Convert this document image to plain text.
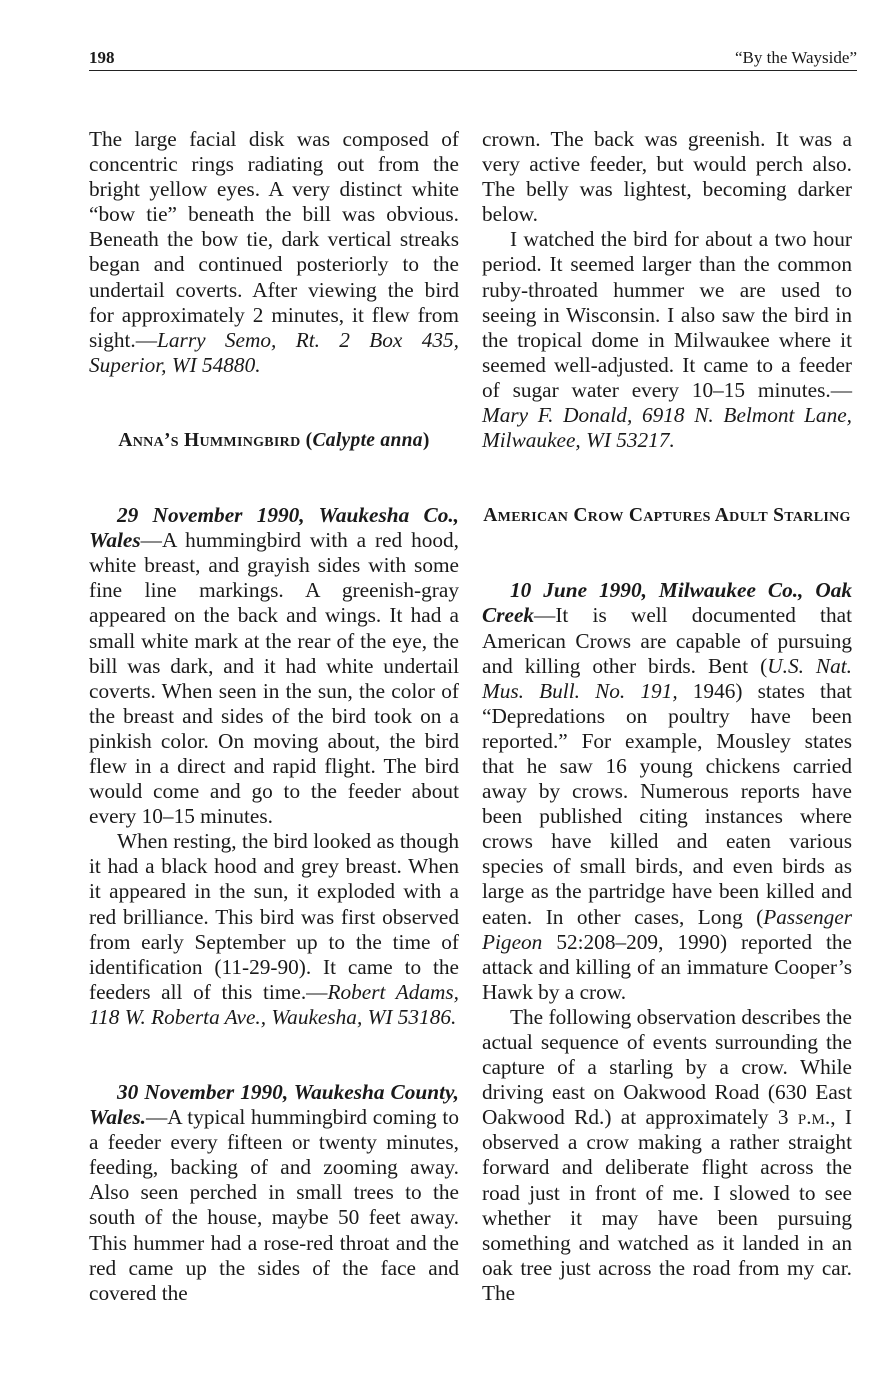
198	“By the Wayside”

The large facial disk was composed of concentric rings radiating out from the bright yellow eyes. A very distinct white “bow tie” beneath the bill was obvious. Beneath the bow tie, dark vertical streaks began and continued posteriorly to the undertail coverts. After viewing the bird for approximately 2 minutes, it flew from sight.—Larry Semo, Rt. 2 Box 435, Superior, WI 54880.

Anna’s Hummingbird (Calypte anna)

29 November 1990, Waukesha Co., Wales—A hummingbird with a red hood, white breast, and grayish sides with some fine line markings. A greenish-gray appeared on the back and wings. It had a small white mark at the rear of the eye, the bill was dark, and it had white undertail coverts. When seen in the sun, the color of the breast and sides of the bird took on a pinkish color. On moving about, the bird flew in a direct and rapid flight. The bird would come and go to the feeder about every 10–15 minutes.

When resting, the bird looked as though it had a black hood and grey breast. When it appeared in the sun, it exploded with a red brilliance. This bird was first observed from early September up to the time of identification (11-29-90). It came to the feeders all of this time.—Robert Adams, 118 W. Roberta Ave., Waukesha, WI 53186.

30 November 1990, Waukesha County, Wales.—A typical hummingbird coming to a feeder every fifteen or twenty minutes, feeding, backing of and zooming away. Also seen perched in small trees to the south of the house, maybe 50 feet away. This hummer had a rose-red throat and the red came up the sides of the face and covered the

crown. The back was greenish. It was a very active feeder, but would perch also. The belly was lightest, becoming darker below.

I watched the bird for about a two hour period. It seemed larger than the common ruby-throated hummer we are used to seeing in Wisconsin. I also saw the bird in the tropical dome in Milwaukee where it seemed well-adjusted. It came to a feeder of sugar water every 10–15 minutes.—Mary F. Donald, 6918 N. Belmont Lane, Milwaukee, WI 53217.

American Crow Captures Adult Starling

10 June 1990, Milwaukee Co., Oak Creek—It is well documented that American Crows are capable of pursuing and killing other birds. Bent (U.S. Nat. Mus. Bull. No. 191, 1946) states that “Depredations on poultry have been reported.” For example, Mousley states that he saw 16 young chickens carried away by crows. Numerous reports have been published citing instances where crows have killed and eaten various species of small birds, and even birds as large as the partridge have been killed and eaten. In other cases, Long (Passenger Pigeon 52:208–209, 1990) reported the attack and killing of an immature Cooper’s Hawk by a crow.

The following observation describes the actual sequence of events surrounding the capture of a starling by a crow. While driving east on Oakwood Road (630 East Oakwood Rd.) at approximately 3 p.m., I observed a crow making a rather straight forward and deliberate flight across the road just in front of me. I slowed to see whether it may have been pursuing something and watched as it landed in an oak tree just across the road from my car. The
